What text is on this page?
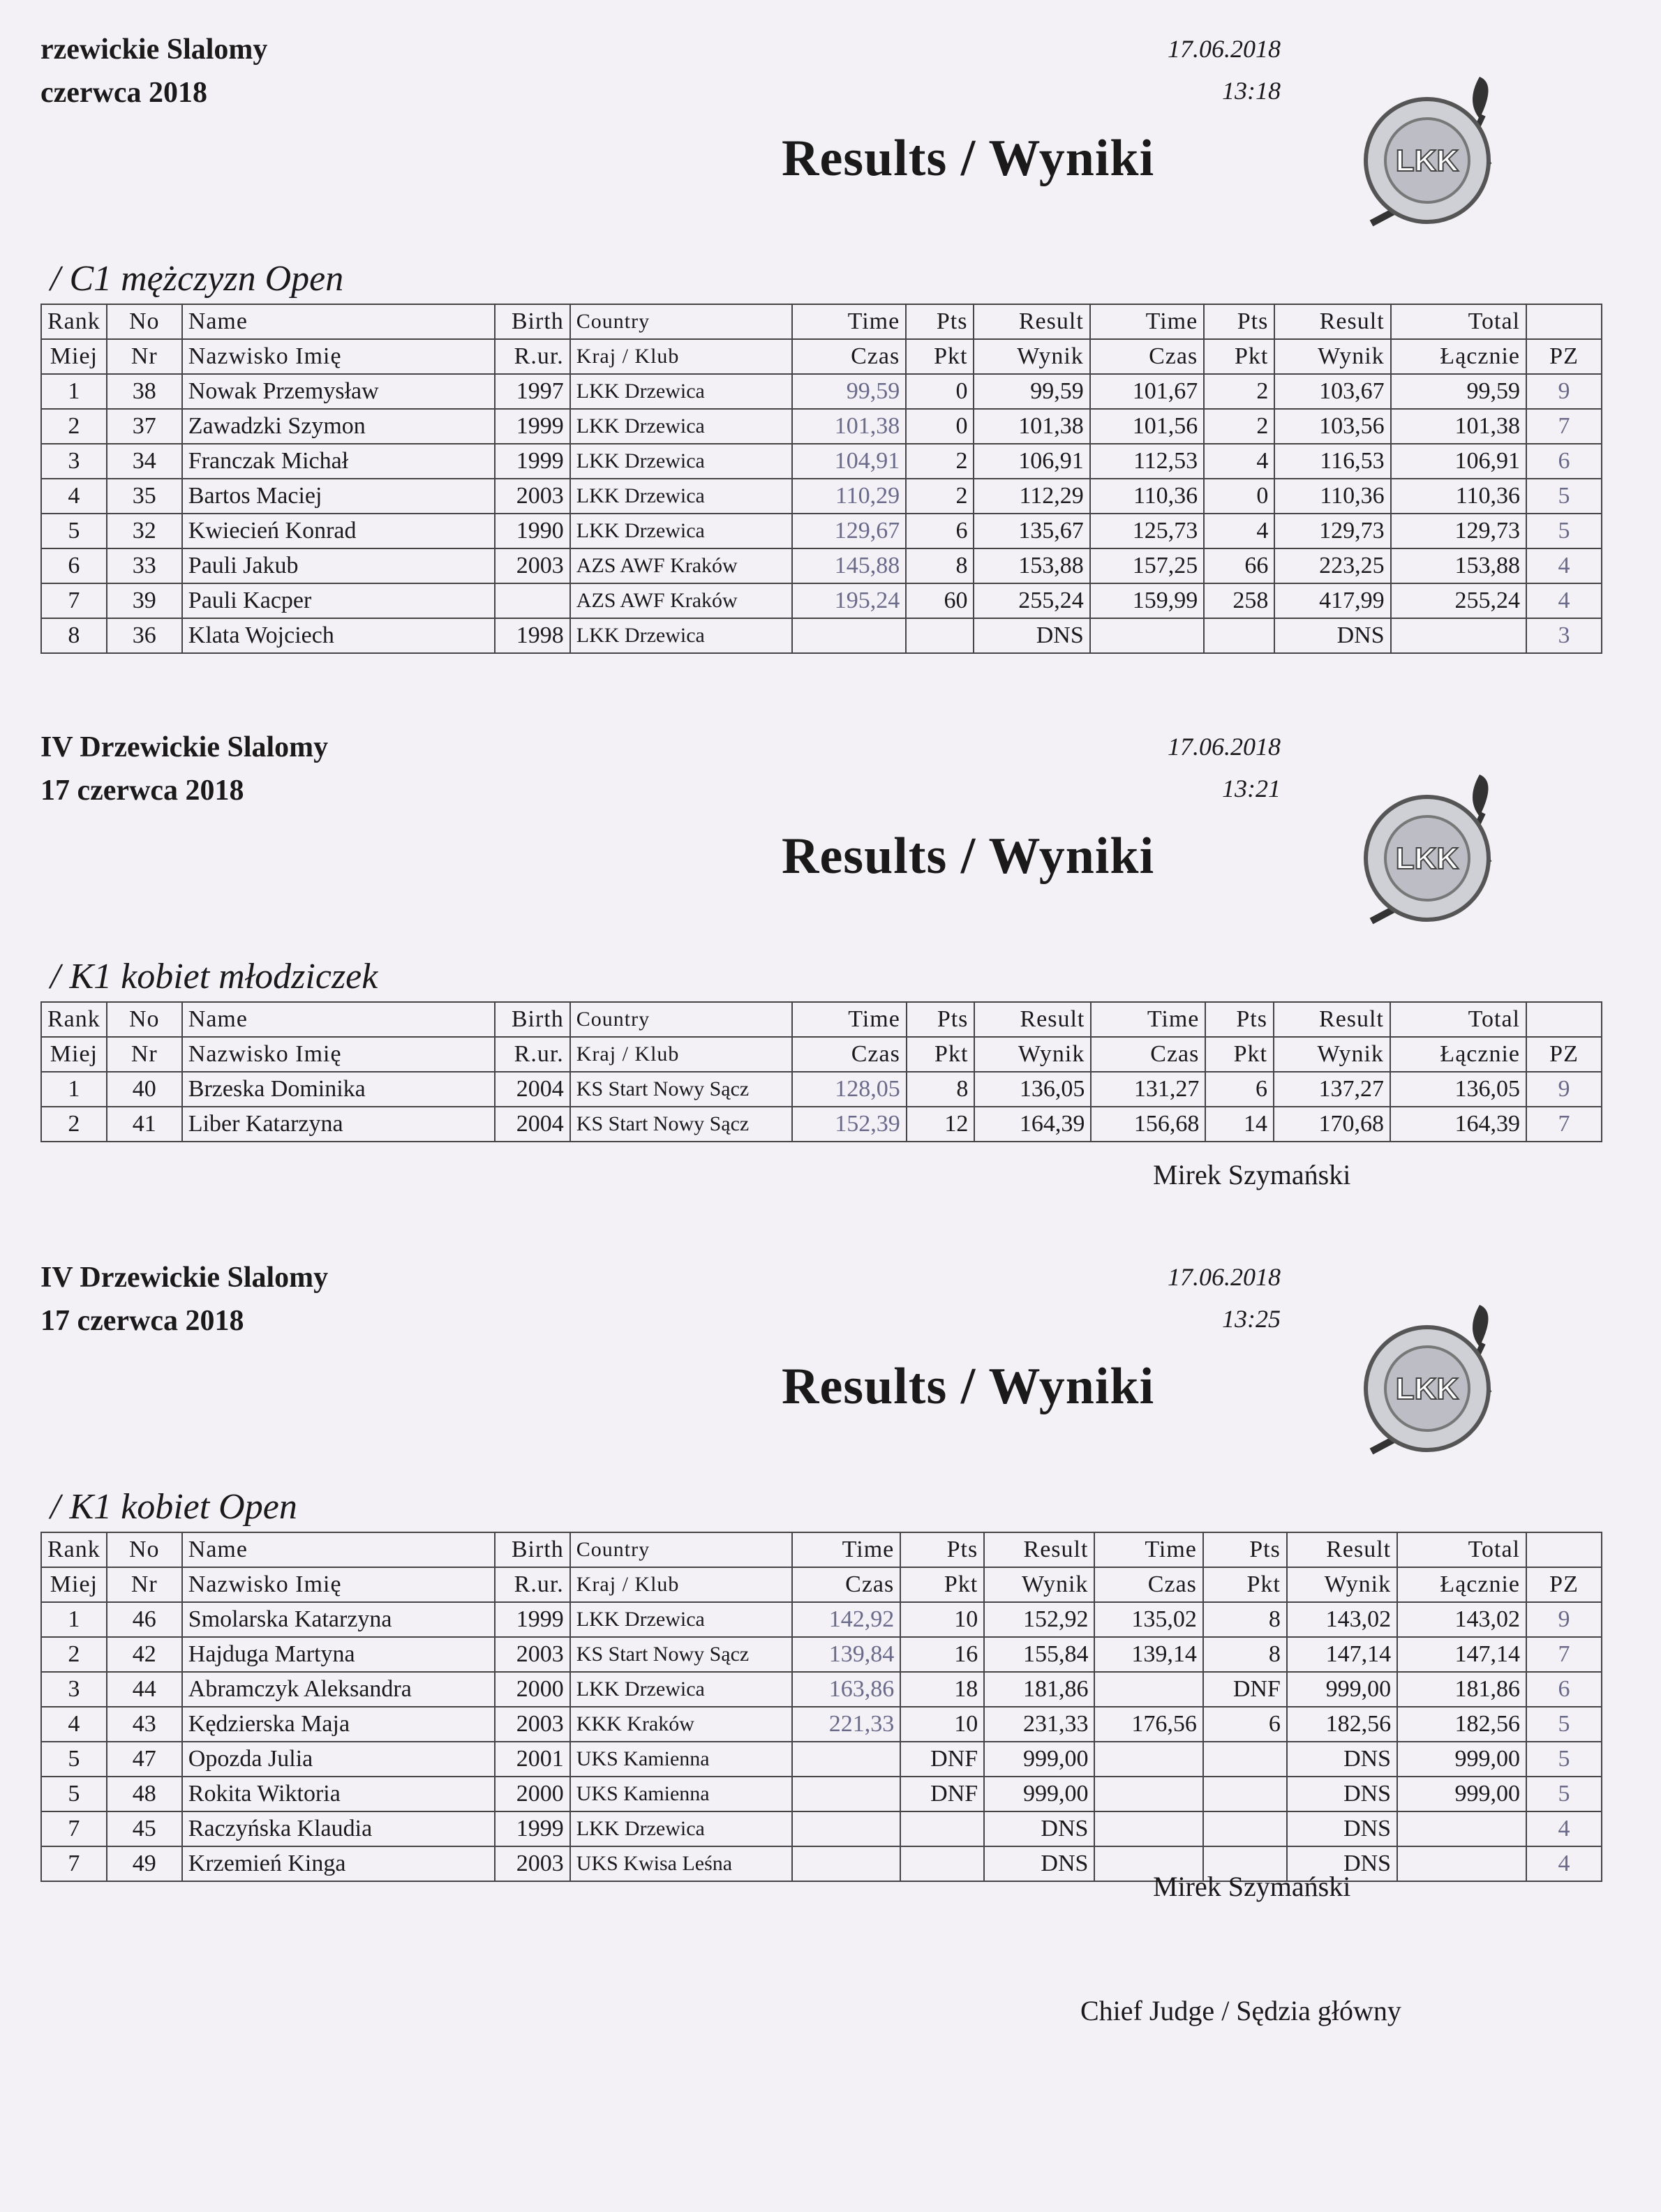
rzewickie Slalomy
czerwca 2018
17.06.2018
13:18
Results / Wyniki	LKK
/ C1 mężczyzn Open
Rank	No	Name	Birth	Country	Time	Pts	Result	Time	Pts	Result	Total	
Miej	Nr	Nazwisko Imię	R.ur.	Kraj / Klub	Czas	Pkt	Wynik	Czas	Pkt	Wynik	Łącznie	PZ
1	38	Nowak Przemysław	1997	LKK Drzewica	99,59	0	99,59	101,67	2	103,67	99,59	9
2	37	Zawadzki Szymon	1999	LKK Drzewica	101,38	0	101,38	101,56	2	103,56	101,38	7
3	34	Franczak Michał	1999	LKK Drzewica	104,91	2	106,91	112,53	4	116,53	106,91	6
4	35	Bartos Maciej	2003	LKK Drzewica	110,29	2	112,29	110,36	0	110,36	110,36	5
5	32	Kwiecień Konrad	1990	LKK Drzewica	129,67	6	135,67	125,73	4	129,73	129,73	5
6	33	Pauli Jakub	2003	AZS AWF Kraków	145,88	8	153,88	157,25	66	223,25	153,88	4
7	39	Pauli Kacper		AZS AWF Kraków	195,24	60	255,24	159,99	258	417,99	255,24	4
8	36	Klata Wojciech	1998	LKK Drzewica			DNS			DNS		3
IV Drzewickie Slalomy
17 czerwca 2018
17.06.2018
13:21
Results / Wyniki	LKK
/ K1 kobiet młodziczek
Rank	No	Name	Birth	Country	Time	Pts	Result	Time	Pts	Result	Total	
Miej	Nr	Nazwisko Imię	R.ur.	Kraj / Klub	Czas	Pkt	Wynik	Czas	Pkt	Wynik	Łącznie	PZ
1	40	Brzeska Dominika	2004	KS Start Nowy Sącz	128,05	8	136,05	131,27	6	137,27	136,05	9
2	41	Liber Katarzyna	2004	KS Start Nowy Sącz	152,39	12	164,39	156,68	14	170,68	164,39	7
Mirek Szymański
IV Drzewickie Slalomy
17 czerwca 2018
17.06.2018
13:25
Results / Wyniki	LKK
/ K1 kobiet Open
Rank	No	Name	Birth	Country	Time	Pts	Result	Time	Pts	Result	Total	
Miej	Nr	Nazwisko Imię	R.ur.	Kraj / Klub	Czas	Pkt	Wynik	Czas	Pkt	Wynik	Łącznie	PZ
1	46	Smolarska Katarzyna	1999	LKK Drzewica	142,92	10	152,92	135,02	8	143,02	143,02	9
2	42	Hajduga Martyna	2003	KS Start Nowy Sącz	139,84	16	155,84	139,14	8	147,14	147,14	7
3	44	Abramczyk Aleksandra	2000	LKK Drzewica	163,86	18	181,86		DNF	999,00	181,86	6
4	43	Kędzierska Maja	2003	KKK Kraków	221,33	10	231,33	176,56	6	182,56	182,56	5
5	47	Opozda Julia	2001	UKS Kamienna		DNF	999,00			DNS	999,00	5
5	48	Rokita Wiktoria	2000	UKS Kamienna		DNF	999,00			DNS	999,00	5
7	45	Raczyńska Klaudia	1999	LKK Drzewica			DNS			DNS		4
7	49	Krzemień Kinga	2003	UKS Kwisa Leśna			DNS			DNS		4
Mirek Szymański
Chief Judge / Sędzia główny
